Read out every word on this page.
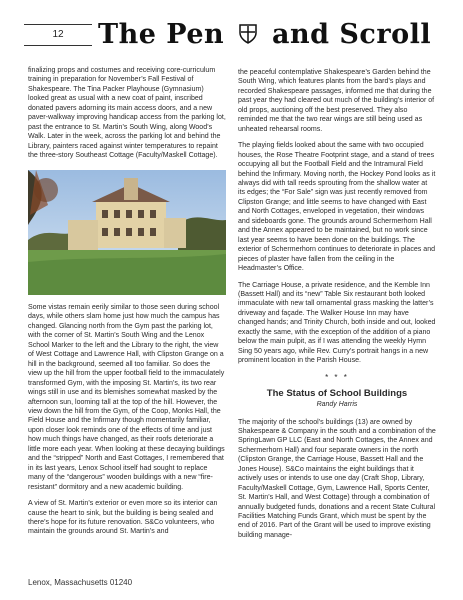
12	The Pen and Scroll

finalizing props and costumes and receiving core-curriculum training in preparation for November’s Fall Festival of Shakespeare. The Tina Packer Playhouse (Gymnasium) looked great as usual with a new coat of paint, inscribed donated pavers adorning its main access doors, and a new paver-walkway improving handicap access from the parking lot, past the entrance to St. Martin’s South Wing, along Wood’s Walk. Later in the week, across the parking lot and behind the Library, painters raced against winter temperatures to repaint the three-story Southeast Cottage (Faculty/Maskell Cottage).

Some vistas remain eerily similar to those seen during school days, while others slam home just how much the campus has changed. Glancing north from the Gym past the parking lot, with the corner of St. Martin’s South Wing and the Lenox School Marker to the left and the Library to the right, the view of West Cottage and Lawrence Hall, with Clipston Grange on a hill in the background, seemed all too familiar. So does the view up the hill from the upper football field to the immaculately transformed Gym, with the imposing St. Martin’s, its two rear wings still in use and its blemishes somewhat masked by the afternoon sun, looming tall at the top of the hill. However, the view down the hill from the Gym, of the Coop, Monks Hall, the Field House and the Infirmary though momentarily familiar, upon closer look reminds one of the effects of time and just how much things have changed, as their roofs deteriorate a little more each year. When looking at these decaying buildings and the “stripped” North and East Cottages, I remembered that in its last years, Lenox School itself had sought to replace many of the “dangerous” wooden buildings with a new “fire-resistant” dormitory and a new academic building.

A view of St. Martin’s exterior or even more so its interior can cause the heart to sink, but the building is being sealed and there’s hope for its future renovation. S&Co volunteers, who maintain the grounds around St. Martin’s and

the peaceful contemplative Shakespeare’s Garden behind the South Wing, which features plants from the bard’s plays and recorded Shakespeare passages, informed me that during the past year they had cleared out much of the building’s interior of old props, auctioning off the best preserved. They also reminded me that the two rear wings are still being used as unheated rehearsal rooms.

The playing fields looked about the same with two occupied houses, the Rose Theatre Footprint stage, and a stand of trees occupying all but the Football Field and the Intramural Field behind the Infirmary. Moving north, the Hockey Pond looks as it always did with tall reeds sprouting from the shallow water at its edges; the “For Sale” sign was just recently removed from Clipston Grange; and little seems to have changed with East and North Cottages, enveloped in vegetation, their windows and sideboards gone. The grounds around Schermerhorn Hall and the Annex appeared to be maintained, but no work since last year seems to have been done on the buildings. The exterior of Schermerhorn continues to deteriorate in places and pieces of plaster have fallen from the ceiling in the Headmaster’s Office.

The Carriage House, a private residence, and the Kemble Inn (Bassett Hall) and its “new” Table Six restaurant both looked immaculate with new tall ornamental grass masking the latter’s driveway and façade. The Walker House Inn may have changed hands; and Trinity Church, both inside and out, looked exactly the same, with the exception of the addition of a piano below the main pulpit, as if I was attending the weekly Hymn Sing 50 years ago, while Rev. Curry’s portrait hangs in a new prominent location in the Parish House.

* * *
The Status of School Buildings
Randy Harris

The majority of the school’s buildings (13) are owned by Shakespeare & Company in the south and a combination of the SpringLawn GP LLC (East and North Cottages, the Annex and Schermerhorn Hall) and four separate owners in the north (Clipston Grange, the Carriage House, Bassett Hall and the Jones House). S&Co maintains the eight buildings that it actively uses or intends to use one day (Craft Shop, Library, Faculty/Maskell Cottage, Gym, Lawrence Hall, Sports Center, St. Martin’s Hall, and West Cottage) through a combination of annually budgeted funds, donations and a recent State Cultural Facilities Matching Funds Grant, which must be spent by the end of 2016. Part of the Grant will be used to improve existing building manage-

Lenox, Massachusetts 01240
